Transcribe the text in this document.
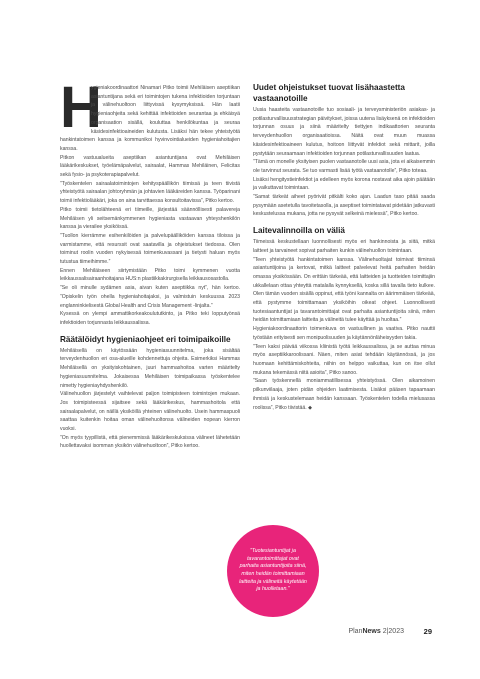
H

ygieniakoordinaattori Ninamari Pitko toimii Mehiläisen aseptiikan asiantuntijana sekä eri toimintojen tukena infektioiden torjuntaan ja välinehuoltoon liittyvissä kysymyksissä. Hän laatii hygieniaohjeita sekä kehittää infektioiden seurantaa ja ehkäisyä organisaation sisällä, kouluttaa henkilökuntaa ja seuraa käsidesinfektioaineiden kulutusta. Lisäksi hän tekee yhteistyötä hankintatoimen kanssa ja kommunikoi hyvinvointialueiden hygieniahoitajien kanssa.

Pitkon vastuualueita aseptiikan asiantuntijana ovat Mehiläisen lääkärikeskukset, työelämäpalvelut, sairaalat, Hammas Mehiläinen, Felicitas sekä fysio- ja psykoterapiapalvelut.

”Työskentelen sairaalatoimintojen kehityspäällikön tiimissä ja teen tiivistä yhteistyötä sairaalan johtoryhmän ja johtavien lääkäreiden kanssa. Työparinani toimii infektiolääkäri, joka on aina tarvittaessa konsultoitavissa”, Pitko kertoo.

Pitko toimii tietolähteenä eri tiimeille, järjestää säännöllisesti palavereja Mehiläisen yli seitsemänkymmenen hygieniasta vastaavan yhteyshenkilön kanssa ja vierailee yksiköissä.

”Tuollon kierrämme esihenkilöiden ja palvelupäälliköiden kanssa tiloissa ja varmistamme, että resurssit ovat saatavilla ja ohjeistukset tiedossa. Olen toiminut roolin vuoden nykyisessä toimenkuvassani ja tietysti haluan myös tutustua tiimeihimme.”

Ennen Mehiläiseen siirtymistään Pitko toimi kymmenen vuotta leikkaussalisairaanhoitajana HUS:n plastiikkakirurgisella leikkausosastolla.

”Se oli minulle sydämen asia, aivan kuten aseptiikka nyt”, hän kertoo. ”Opiskelin työn ohella hygieniahoitajaksi, ja valmistuin keskuussa 2023 englanninkielisestä Global Health and Crisis Management -linjalta.”

Kysessä on ylempi ammattikorkeakoulututkinto, ja Pitko teki lopputyönsä infektioiden torjunnasta leikkaussalissa.

Räätälöidyt hygieniaohjeet eri toimipaikoille

Mehiläisellä on käytössään hygieniasuunnitelma, joka sisältää terveydenhuollon eri osa-alueille kohdennettuja ohjeita. Esimerkiksi Hammas Mehiläisellä on yksityiskohtainen, juuri hammashoitoa varten määritelty hygieniasuunnitelma. Jokaisessa Mehiläisen toimipaikassa työskentelee nimetty hygieniayhdyshenkilö.

Välinehuollon järjestelyt vaihtelevat paljon toimipisteen toimintojen mukaan. Jos toimipisteessä sijaitsee sekä lääkärikeskus, hammashoitola että sairaalapalvelut, on näillä yksiköillä yhteinen välinehuolto. Usein hammaspuoli saattaa kuitenkin hoitaa oman välinehuoltonsa välineiden nopean kierron vuoksi.

”On myös tyypillistä, että pienemmissä lääkärikeskuksissa välineet lähetetään huollettavaksi isomman yksikön välinehuoltoon”, Pitko kertoo.

Uudet ohjeistukset tuovat lisähaastetta vastaanotoille

Uusia haasteita vastaanotoille tuo sosiaali- ja terveysministeriön asiakas- ja potilasturvallisuusstrategian päivitykset, joissa uutena lisäyksenä on infektioiden torjunnan osuus ja siinä määritelty tiettyjen indikaattorien seuranta terveydenhuollon organisaatioissa. Näitä ovat muun muassa käsidesinfektioaineen kulutus, hoitoon liittyvät infektiot sekä mittarit, joilla pystytään seuraamaan infektioiden torjunnan potilasturvallisuuden laatua.

”Tämä on monelle yksityisen puolen vastaanotolle uusi asia, jota ei aikaisemmin ole tarvinnut seurata. Se tuo varmasti lisää työtä vastaanotolle”, Pitko toteaa.

Lisäksi hengitystieinfektiot ja edelleen myös korona nostavat aika ajoin päätään ja vaikuttavat toimintaan.

”Samat tärkeät aiheet pyörivät pitkälti koko ajan. Laadun taso pitää saada pysymään asetetulla tavoitetasolla, ja aseptiset toimintatavat pidetään jatkuvasti keskustelussa mukana, jotta ne pysyvät selkeinä mielessä”, Pitko kertoo.

Laitevalinnoilla on väliä

Tiimeissä keskustellaan luonnollisesti myös eri hankinnoista ja siitä, mitkä laitteet ja tarvaineet sopivat parhaiten kunkin välinehuollon toimintaan.

”Teen yhteistyötä hankintatoimen kanssa. Välinehuoltajat toimivat tiiminsä asiantuntijoina ja kertovat, mitkä laitteet palvelevat heitä parhaiten heidän omassa yksikössään. On erittäin tärkeää, että laitteiden ja tuotteiden toimittajiin ukkallelaan ottaa yhteyttä matalalla kynnyksellä, koska sillä tavalla tieto kulkee. Olen tämän vuoden sisällä oppinut, että työni kannalta on äärimmäisen tärkeää, että pystymme toimittamaan yksiköihin oikeat ohjeet. Luonnollisesti tuotesiaantuntijat ja tavarantoimittajat ovat parhaita asiantuntijoita siinä, miten heidän toimittamiaan laitteita ja välineitä tulee käyttää ja huoltaa.”

Hygieniakoordinaattorin toimenkuva on vastuullinen ja vaativa. Pitko nauttii työstään erityisesti sen monipuolisuuden ja käytännönläheisyyden takia.

”Teen kaksi päivää viikossa kliinistä työtä leikkaussalissa, ja se auttaa minua myös aseptiikkaroolissani. Näen, miten asiat tehdään käytännössä, ja jos huomaan kehittämiskohteita, niihin on helppo vaikuttaa, kun on itse ollut mukana tekemässä niitä asioita”, Pitko sanoo.

”Saan työskennellä moniammatillisessa yhteistyössä. Olen aikamoinen pilkunviilaaja, joten pidän ohjeiden laatimisesta. Lisäksi pääsen tapaamaan ihmisiä ja keskustelemaan heidän kanssaan. Työskentelen todella mielusassa roolissa”, Pitko tiivistää. ◆

”Tuotesiantuntijat ja tavarantoimittajat ovat parhaita asiantuntijoita siinä, miten heidän toimittamiaan laitteita ja välineitä käytetään ja huolletaan.”
PlanNews 2|2023	29
